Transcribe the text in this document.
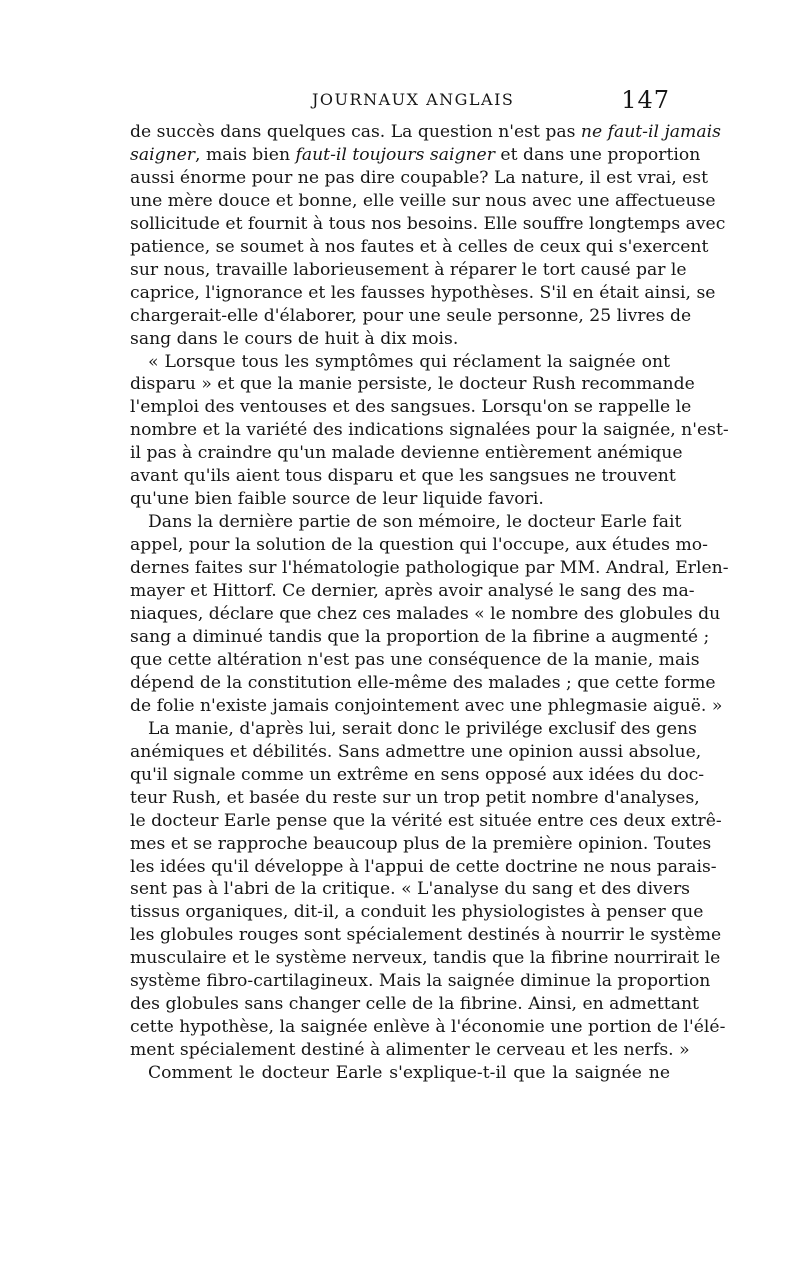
JOURNAUX ANGLAIS	147
de succès dans quelques cas. La question n'est pas ne faut-il jamais
saigner, mais bien faut-il toujours saigner et dans une proportion
aussi énorme pour ne pas dire coupable? La nature, il est vrai, est
une mère douce et bonne, elle veille sur nous avec une affectueuse
sollicitude et fournit à tous nos besoins. Elle souffre longtemps avec
patience, se soumet à nos fautes et à celles de ceux qui s'exercent
sur nous, travaille laborieusement à réparer le tort causé par le
caprice, l'ignorance et les fausses hypothèses. S'il en était ainsi, se
chargerait-elle d'élaborer, pour une seule personne, 25 livres de
sang dans le cours de huit à dix mois.
« Lorsque tous les symptômes qui réclament la saignée ont
disparu » et que la manie persiste, le docteur Rush recommande
l'emploi des ventouses et des sangsues. Lorsqu'on se rappelle le
nombre et la variété des indications signalées pour la saignée, n'est-
il pas à craindre qu'un malade devienne entièrement anémique
avant qu'ils aient tous disparu et que les sangsues ne trouvent
qu'une bien faible source de leur liquide favori.
Dans la dernière partie de son mémoire, le docteur Earle fait
appel, pour la solution de la question qui l'occupe, aux études mo-
dernes faites sur l'hématologie pathologique par MM. Andral, Erlen-
mayer et Hittorf. Ce dernier, après avoir analysé le sang des ma-
niaques, déclare que chez ces malades « le nombre des globules du
sang a diminué tandis que la proportion de la fibrine a augmenté ;
que cette altération n'est pas une conséquence de la manie, mais
dépend de la constitution elle-même des malades ; que cette forme
de folie n'existe jamais conjointement avec une phlegmasie aiguë. »
La manie, d'après lui, serait donc le privilége exclusif des gens
anémiques et débilités. Sans admettre une opinion aussi absolue,
qu'il signale comme un extrême en sens opposé aux idées du doc-
teur Rush, et basée du reste sur un trop petit nombre d'analyses,
le docteur Earle pense que la vérité est située entre ces deux extrê-
mes et se rapproche beaucoup plus de la première opinion. Toutes
les idées qu'il développe à l'appui de cette doctrine ne nous parais-
sent pas à l'abri de la critique. « L'analyse du sang et des divers
tissus organiques, dit-il, a conduit les physiologistes à penser que
les globules rouges sont spécialement destinés à nourrir le système
musculaire et le système nerveux, tandis que la fibrine nourrirait le
système fibro-cartilagineux. Mais la saignée diminue la proportion
des globules sans changer celle de la fibrine. Ainsi, en admettant
cette hypothèse, la saignée enlève à l'économie une portion de l'élé-
ment spécialement destiné à alimenter le cerveau et les nerfs. »
Comment le docteur Earle s'explique-t-il que la saignée ne
